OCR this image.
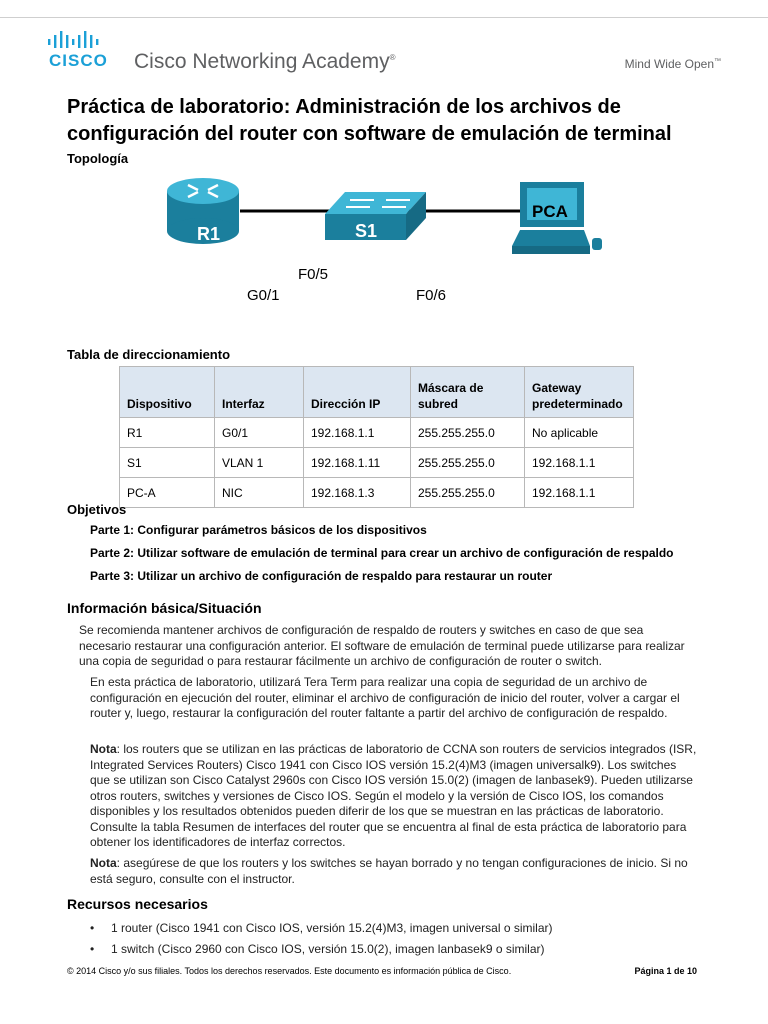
CISCO Cisco Networking Academy®	Mind Wide Open™
Práctica de laboratorio: Administración de los archivos de configuración del router con software de emulación de terminal
Topología
R1	S1
PCA
F0/5
G0/1	F0/6
Tabla de direccionamiento
Dispositivo	Interfaz	Dirección IP	Máscara de subred	Gateway predeterminado
R1	G0/1	192.168.1.1	255.255.255.0	No aplicable
S1	VLAN 1	192.168.1.11	255.255.255.0	192.168.1.1
PC-A	NIC	192.168.1.3	255.255.255.0	192.168.1.1
Objetivos
Parte 1: Configurar parámetros básicos de los dispositivos
Parte 2: Utilizar software de emulación de terminal para crear un archivo de configuración de respaldo
Parte 3: Utilizar un archivo de configuración de respaldo para restaurar un router
Información básica/Situación
Se recomienda mantener archivos de configuración de respaldo de routers y switches en caso de que sea necesario restaurar una configuración anterior. El software de emulación de terminal puede utilizarse para realizar una copia de seguridad o para restaurar fácilmente un archivo de configuración de router o switch.
En esta práctica de laboratorio, utilizará Tera Term para realizar una copia de seguridad de un archivo de configuración en ejecución del router, eliminar el archivo de configuración de inicio del router, volver a cargar el router y, luego, restaurar la configuración del router faltante a partir del archivo de configuración de respaldo.
Nota: los routers que se utilizan en las prácticas de laboratorio de CCNA son routers de servicios integrados (ISR, Integrated Services Routers) Cisco 1941 con Cisco IOS versión 15.2(4)M3 (imagen universalk9). Los switches que se utilizan son Cisco Catalyst 2960s con Cisco IOS versión 15.0(2) (imagen de lanbasek9). Pueden utilizarse otros routers, switches y versiones de Cisco IOS. Según el modelo y la versión de Cisco IOS, los comandos disponibles y los resultados obtenidos pueden diferir de los que se muestran en las prácticas de laboratorio. Consulte la tabla Resumen de interfaces del router que se encuentra al final de esta práctica de laboratorio para obtener los identificadores de interfaz correctos.
Nota: asegúrese de que los routers y los switches se hayan borrado y no tengan configuraciones de inicio. Si no está seguro, consulte con el instructor.
Recursos necesarios
• 1 router (Cisco 1941 con Cisco IOS, versión 15.2(4)M3, imagen universal o similar)
• 1 switch (Cisco 2960 con Cisco IOS, versión 15.0(2), imagen lanbasek9 o similar)
© 2014 Cisco y/o sus filiales. Todos los derechos reservados. Este documento es información pública de Cisco.	Página 1 de 10
